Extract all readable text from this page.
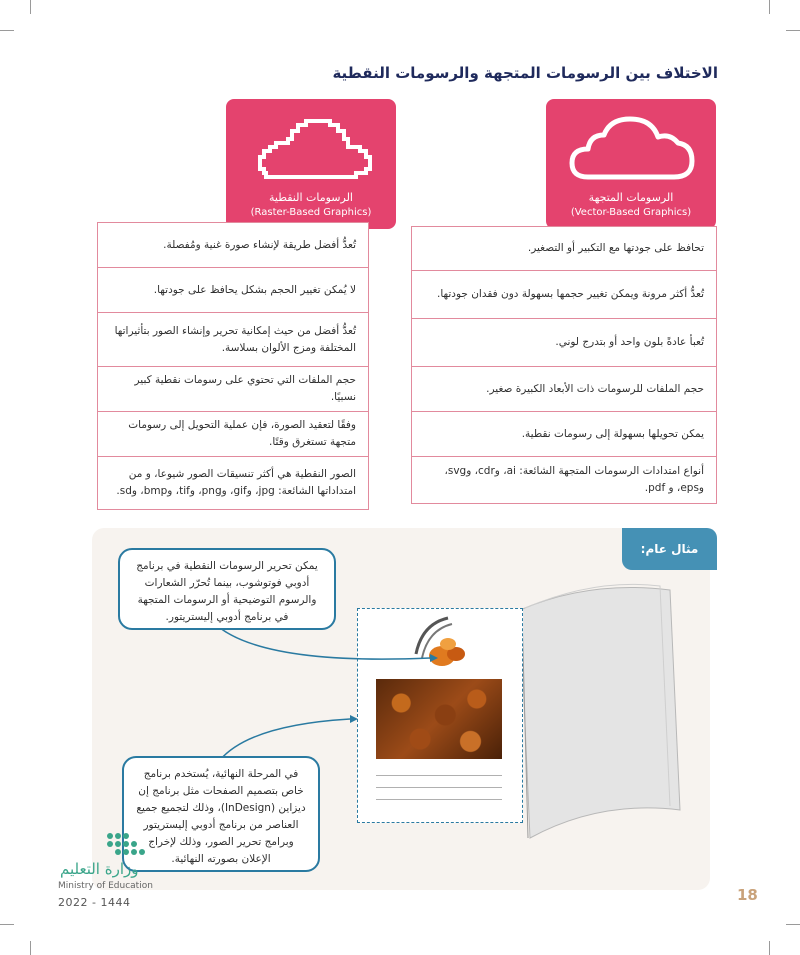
الاختلاف بين الرسومات المتجهة والرسومات النقطية
الرسومات النقطية
(Raster-Based Graphics)
الرسومات المتجهة
(Vector-Based Graphics)
تُعدُّ أفضل طريقة لإنشاء صورة غنية ومُفصلة.
لا يُمكن تغيير الحجم بشكل يحافظ على جودتها.
تُعدُّ أفضل من حيث إمكانية تحرير وإنشاء الصور بتأثيراتها المختلفة ومزج الألوان بسلاسة.
حجم الملفات التي تحتوي على رسومات نقطية كبير نسبيًا.
وفقًا لتعقيد الصورة، فإن عملية التحويل إلى رسومات متجهة تستغرق وقتًا.
الصور النقطية هي أكثر تنسيقات الصور شيوعا، و من امتداداتها الشائعة: jpg، وgif، وpng، وtif، وbmp، وsd.
تحافظ على جودتها مع التكبير أو التصغير.
تُعدُّ أكثر مرونة ويمكن تغيير حجمها بسهولة دون فقدان جودتها.
تُعبأ عادةً بلون واحد أو بتدرج لوني.
حجم الملفات للرسومات ذات الأبعاد الكبيرة صغير.
يمكن تحويلها بسهولة إلى رسومات نقطية.
أنواع امتدادات الرسومات المتجهة الشائعة: ai، وcdr، وsvg، وeps، و pdf.
مثال عام:
يمكن تحرير الرسومات النقطية في برنامج أدوبي فوتوشوب، بينما تُحرّر الشعارات والرسوم التوضيحية أو الرسومات المتجهة في برنامج أدوبي إليستريتور.
في المرحلة النهائية، يُستخدم برنامج خاص بتصميم الصفحات مثل برنامج إن ديزاين (InDesign)، وذلك لتجميع جميع العناصر من برنامج أدوبي إليستريتور وبرامج تحرير الصور، وذلك لإخراج الإعلان بصورته النهائية.
وزارة التعليم
Ministry of Education
2022 - 1444	18
